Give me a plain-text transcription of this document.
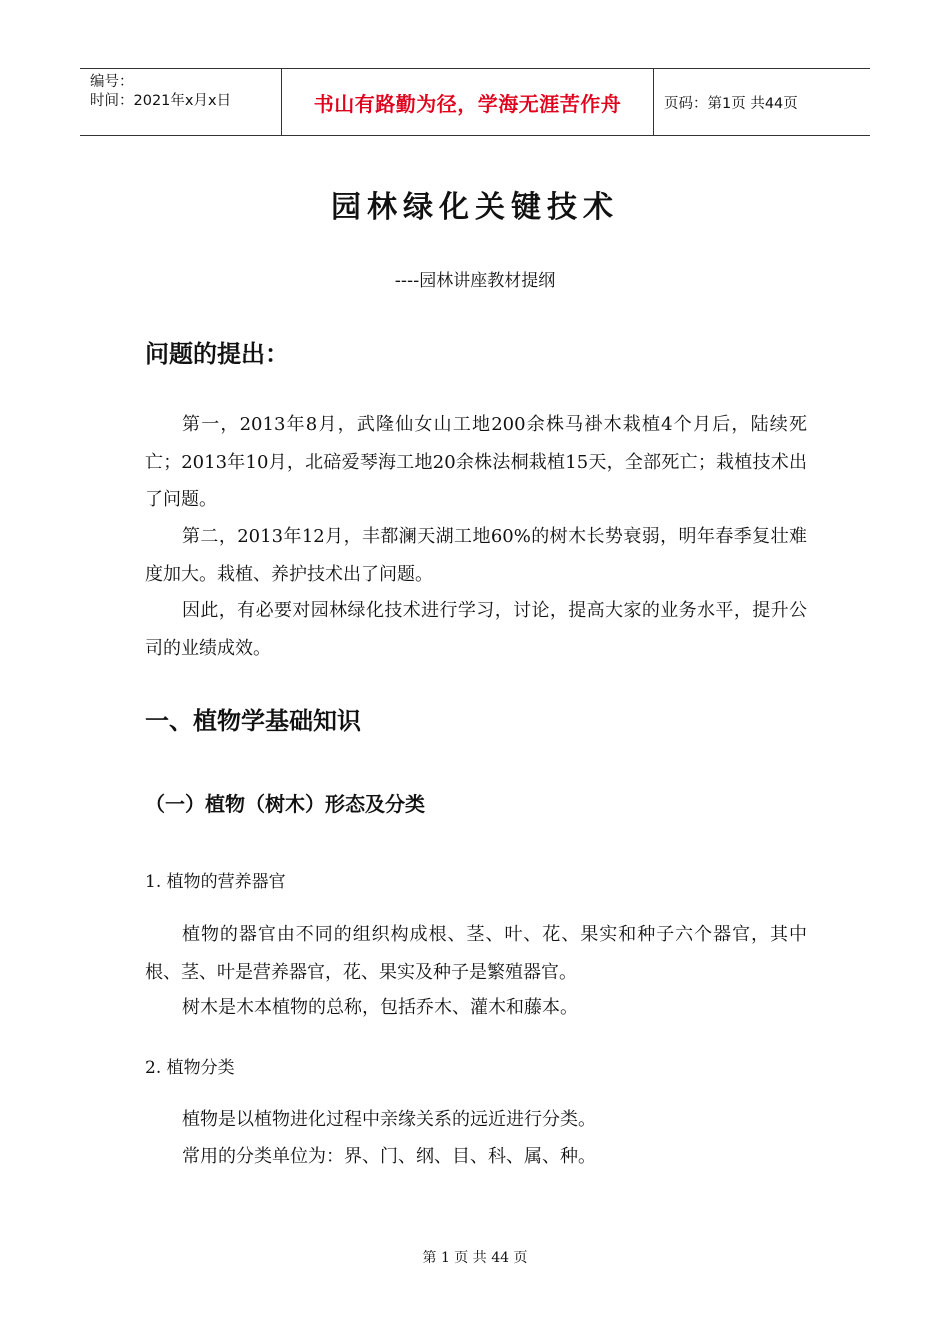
编号：
时间：2021年x月x日	书山有路勤为径，学海无涯苦作舟	页码：第1页 共44页
园林绿化关键技术
----园林讲座教材提纲
问题的提出：

第一，2013年8月，武隆仙女山工地200余株马褂木栽植4个月后，陆续死亡；2013年10月，北碚爱琴海工地20余株法桐栽植15天，全部死亡；栽植技术出了问题。

第二，2013年12月，丰都澜天湖工地60%的树木长势衰弱，明年春季复壮难度加大。栽植、养护技术出了问题。

因此，有必要对园林绿化技术进行学习，讨论，提高大家的业务水平，提升公司的业绩成效。

一、植物学基础知识
（一）植物（树木）形态及分类
1. 植物的营养器官

植物的器官由不同的组织构成根、茎、叶、花、果实和种子六个器官，其中根、茎、叶是营养器官，花、果实及种子是繁殖器官。

树木是木本植物的总称，包括乔木、灌木和藤本。

2. 植物分类

植物是以植物进化过程中亲缘关系的远近进行分类。

常用的分类单位为：界、门、纲、目、科、属、种。

第 1 页 共 44 页
